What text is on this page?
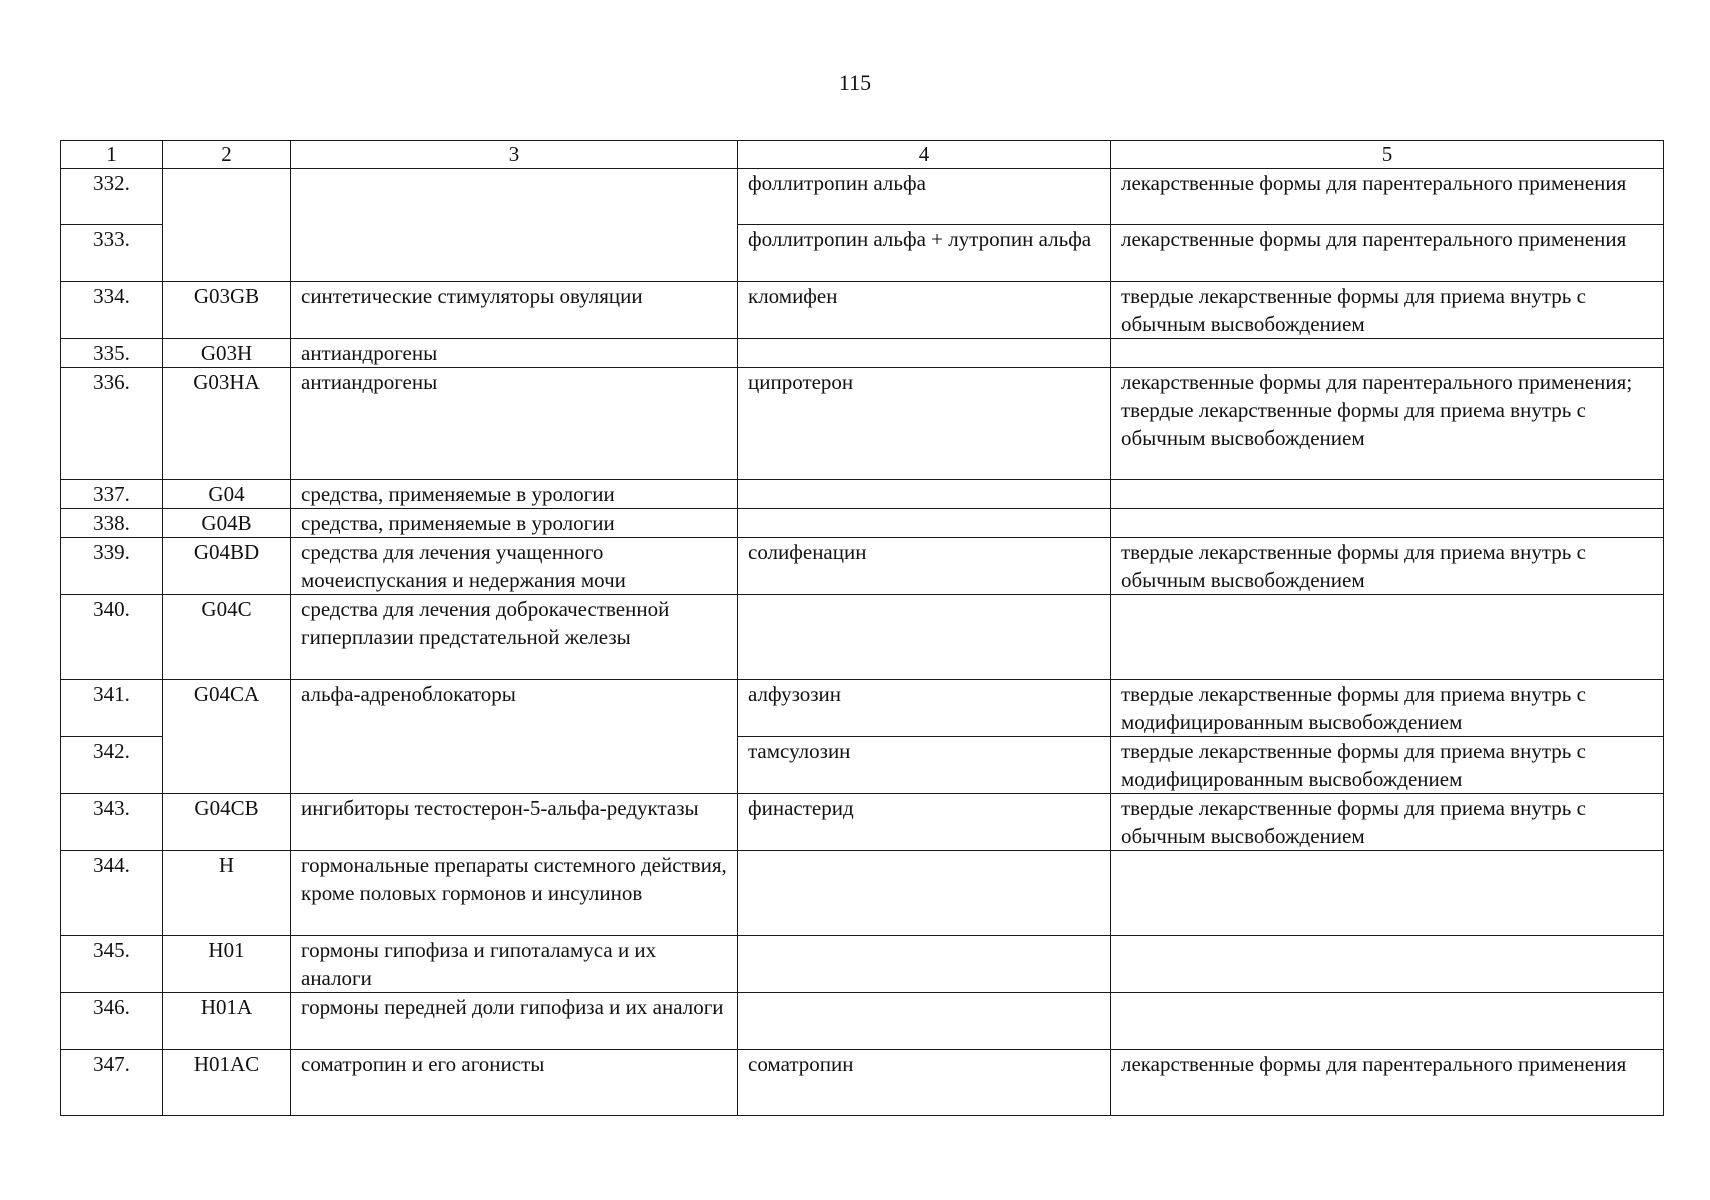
115
1	2	3	4	5
332.			фоллитропин альфа	лекарственные формы для парентерального применения
333.			фоллитропин альфа + лутропин альфа	лекарственные формы для парентерального применения
334.	G03GB	синтетические стимуляторы овуляции	кломифен	твердые лекарственные формы для приема внутрь с обычным высвобождением
335.	G03H	антиандрогены		
336.	G03HA	антиандрогены	ципротерон	лекарственные формы для парентерального применения;
твердые лекарственные формы для приема внутрь с обычным высвобождением

337.	G04	средства, применяемые в урологии		
338.	G04B	средства, применяемые в урологии		
339.	G04BD	средства для лечения учащенного мочеиспускания и недержания мочи	солифенацин	твердые лекарственные формы для приема внутрь с обычным высвобождением
340.	G04C	средства для лечения доброкачественной гиперплазии предстательной железы		
341.	G04CA	альфа-адреноблокаторы	алфузозин	твердые лекарственные формы для приема внутрь с модифицированным высвобождением
342.			тамсулозин	твердые лекарственные формы для приема внутрь с модифицированным высвобождением
343.	G04CB	ингибиторы тестостерон-5-альфа-редуктазы	финастерид	твердые лекарственные формы для приема внутрь с обычным высвобождением
344.	H	гормональные препараты системного действия, кроме половых гормонов и инсулинов		
345.	H01	гормоны гипофиза и гипоталамуса и их аналоги		
346.	H01A	гормоны передней доли гипофиза и их аналоги		
347.	H01AC	соматропин и его агонисты	соматропин	лекарственные формы для парентерального применения
